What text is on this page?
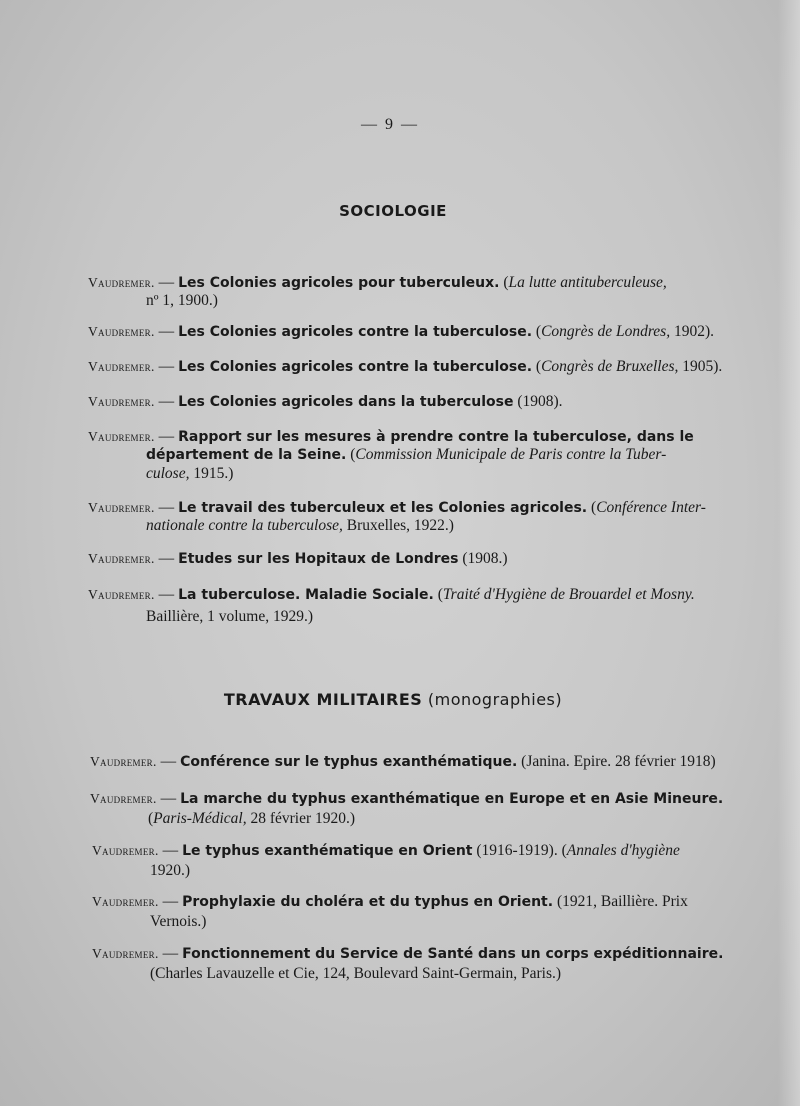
— 9 —
SOCIOLOGIE
Vaudremer. — Les Colonies agricoles pour tuberculeux. (La lutte antituberculeuse,
nº 1, 1900.)
Vaudremer. — Les Colonies agricoles contre la tuberculose. (Congrès de Londres, 1902).
Vaudremer. — Les Colonies agricoles contre la tuberculose. (Congrès de Bruxelles, 1905).
Vaudremer. — Les Colonies agricoles dans la tuberculose (1908).
Vaudremer. — Rapport sur les mesures à prendre contre la tuberculose, dans le
département de la Seine. (Commission Municipale de Paris contre la Tuber-
culose, 1915.)
Vaudremer. — Le travail des tuberculeux et les Colonies agricoles. (Conférence Inter-
nationale contre la tuberculose, Bruxelles, 1922.)
Vaudremer. — Etudes sur les Hopitaux de Londres (1908.)
Vaudremer. — La tuberculose. Maladie Sociale. (Traité d'Hygiène de Brouardel et Mosny.
Baillière, 1 volume, 1929.)
TRAVAUX MILITAIRES (monographies)
Vaudremer. — Conférence sur le typhus exanthématique. (Janina. Epire. 28 février 1918)
Vaudremer. — La marche du typhus exanthématique en Europe et en Asie Mineure.
(Paris-Médical, 28 février 1920.)
Vaudremer. — Le typhus exanthématique en Orient (1916-1919). (Annales d'hygiène
1920.)
Vaudremer. — Prophylaxie du choléra et du typhus en Orient. (1921, Baillière. Prix
Vernois.)
Vaudremer. — Fonctionnement du Service de Santé dans un corps expéditionnaire.
(Charles Lavauzelle et Cie, 124, Boulevard Saint-Germain, Paris.)
